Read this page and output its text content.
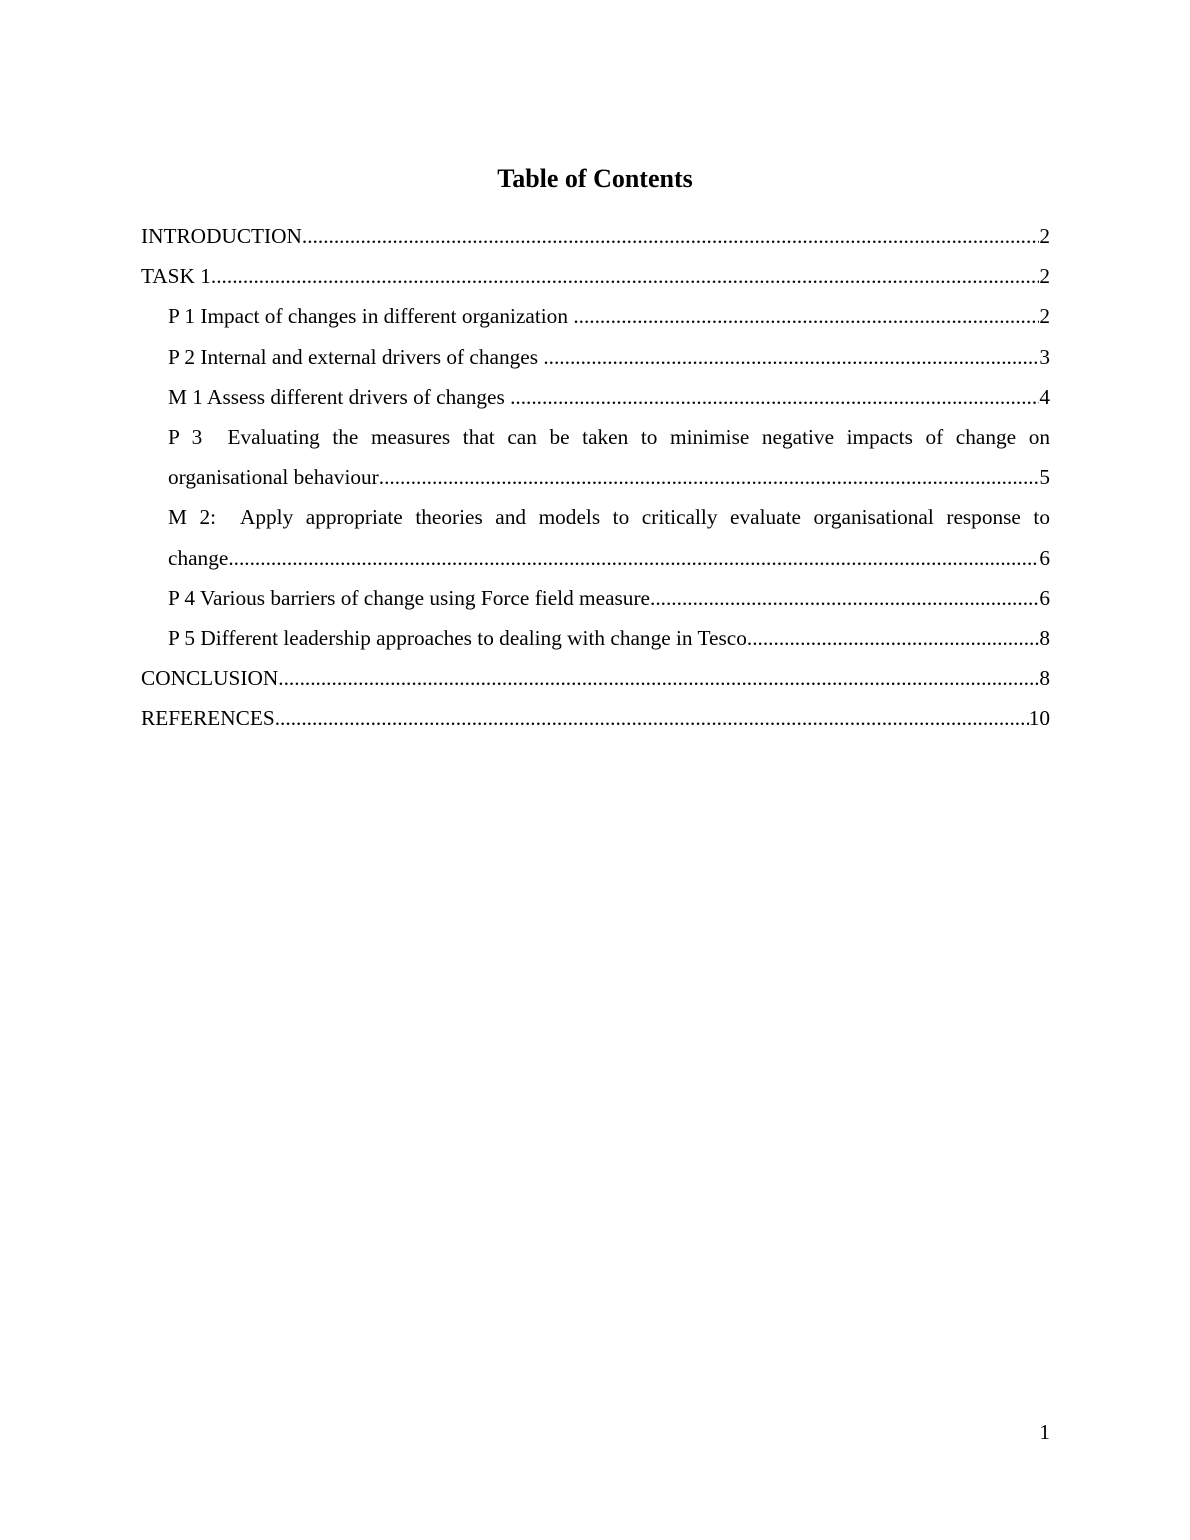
Table of Contents
INTRODUCTION .....	2
TASK 1 .....	2
P 1 Impact of changes in different organization .....	2
P 2 Internal and external drivers of changes .....	3
M 1 Assess different drivers of changes .....	4
P 3  Evaluating the measures that can be taken to minimise negative impacts of change on
organisational behaviour .....	5
M 2:  Apply appropriate theories and models to critically evaluate organisational response to
change .....	6
P 4 Various barriers of change using Force field measure .....	6
P 5 Different leadership approaches to dealing with change in Tesco .....	8
CONCLUSION .....	8
REFERENCES .....	10
1
